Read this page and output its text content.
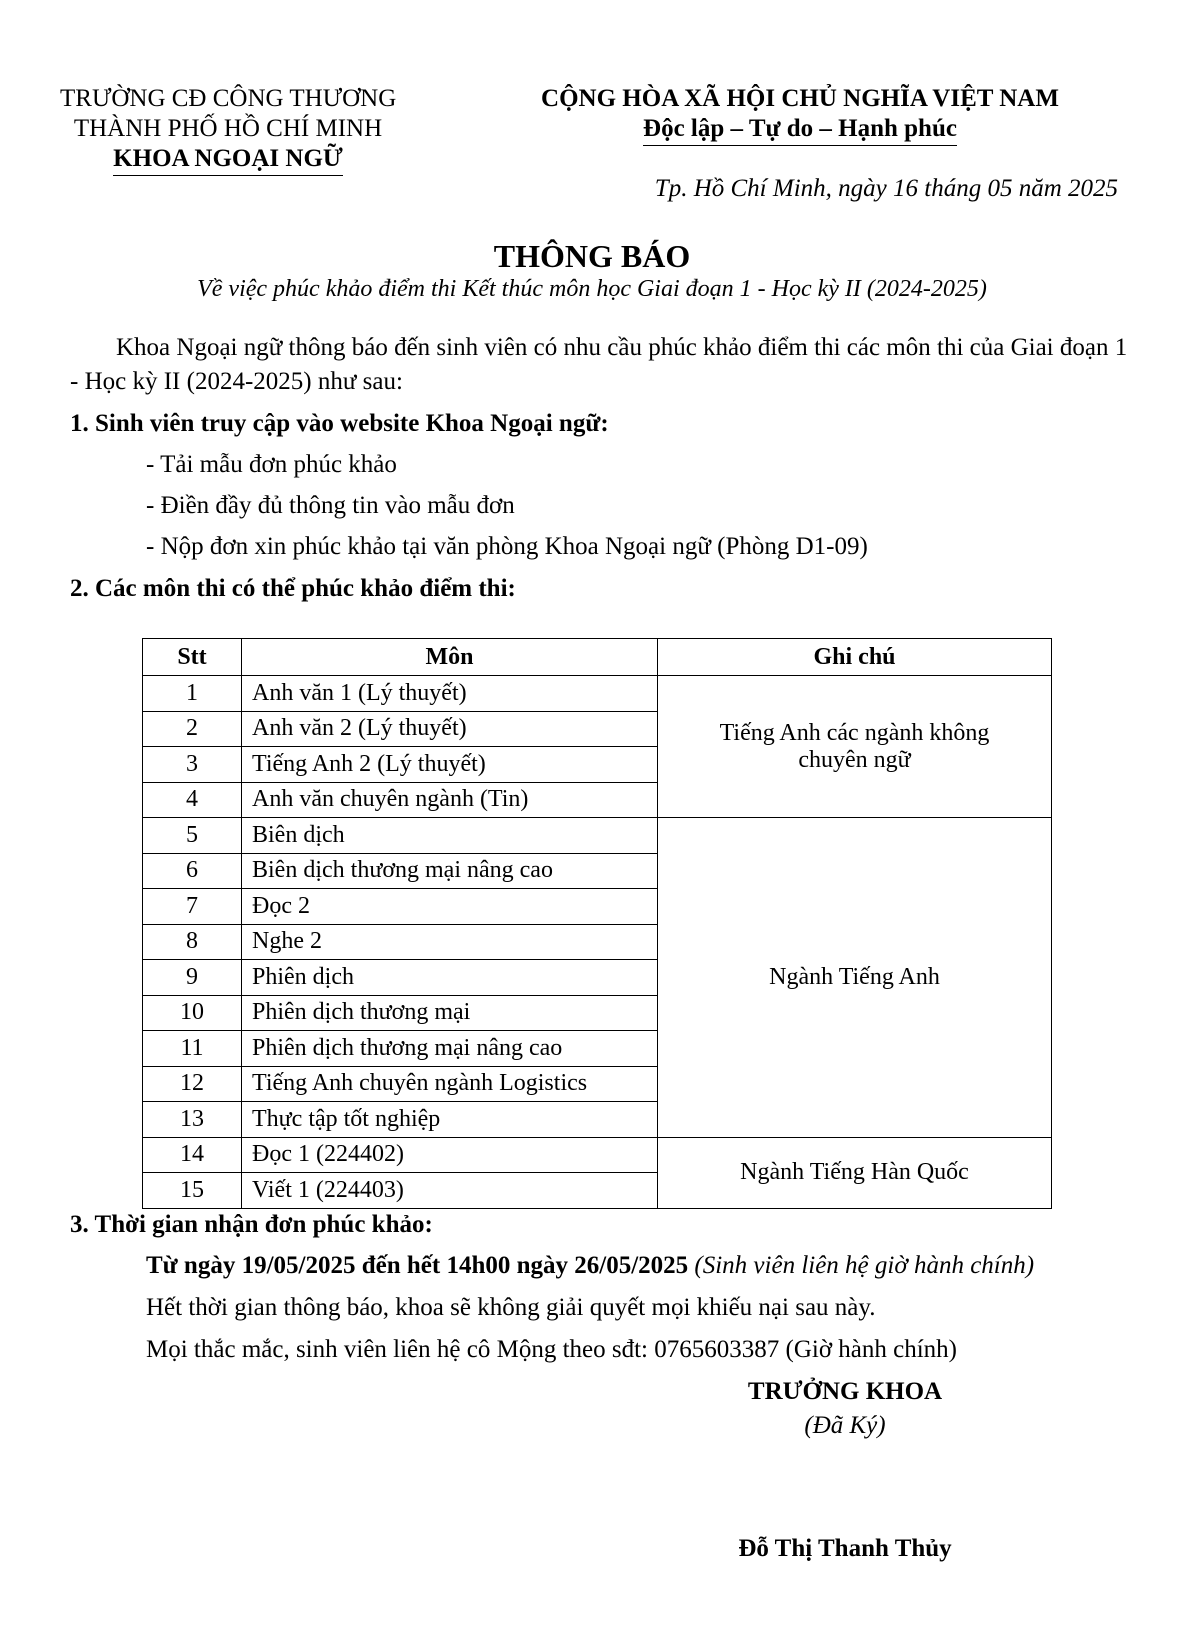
TRƯỜNG CĐ CÔNG THƯƠNG
THÀNH PHỐ HỒ CHÍ MINH
KHOA NGOẠI NGỮ
CỘNG HÒA XÃ HỘI CHỦ NGHĨA VIỆT NAM
Độc lập – Tự do – Hạnh phúc
Tp. Hồ Chí Minh, ngày 16 tháng 05 năm 2025
THÔNG BÁO
Về việc phúc khảo điểm thi Kết thúc môn học Giai đoạn 1 - Học kỳ II (2024-2025)
Khoa Ngoại ngữ thông báo đến sinh viên có nhu cầu phúc khảo điểm thi các môn thi của Giai đoạn 1 - Học kỳ II (2024-2025) như sau:
1. Sinh viên truy cập vào website Khoa Ngoại ngữ:
- Tải mẫu đơn phúc khảo
- Điền đầy đủ thông tin vào mẫu đơn
- Nộp đơn xin phúc khảo tại văn phòng Khoa Ngoại ngữ (Phòng D1-09)
2. Các môn thi có thể phúc khảo điểm thi:
Stt	Môn	Ghi chú
1	Anh văn 1 (Lý thuyết)	Tiếng Anh các ngành không chuyên ngữ
2	Anh văn 2 (Lý thuyết)	
3	Tiếng Anh 2 (Lý thuyết)	
4	Anh văn chuyên ngành (Tin)	
5	Biên dịch	Ngành Tiếng Anh
6	Biên dịch thương mại nâng cao	
7	Đọc 2	
8	Nghe 2	
9	Phiên dịch	
10	Phiên dịch thương mại	
11	Phiên dịch thương mại nâng cao	
12	Tiếng Anh chuyên ngành Logistics	
13	Thực tập tốt nghiệp	
14	Đọc 1 (224402)	Ngành Tiếng Hàn Quốc
15	Viết 1 (224403)	
3. Thời gian nhận đơn phúc khảo:
Từ ngày 19/05/2025 đến hết 14h00 ngày 26/05/2025 (Sinh viên liên hệ giờ hành chính)
Hết thời gian thông báo, khoa sẽ không giải quyết mọi khiếu nại sau này.
Mọi thắc mắc, sinh viên liên hệ cô Mộng theo sđt: 0765603387 (Giờ hành chính)
TRƯỞNG KHOA
(Đã Ký)
Đỗ Thị Thanh Thủy
